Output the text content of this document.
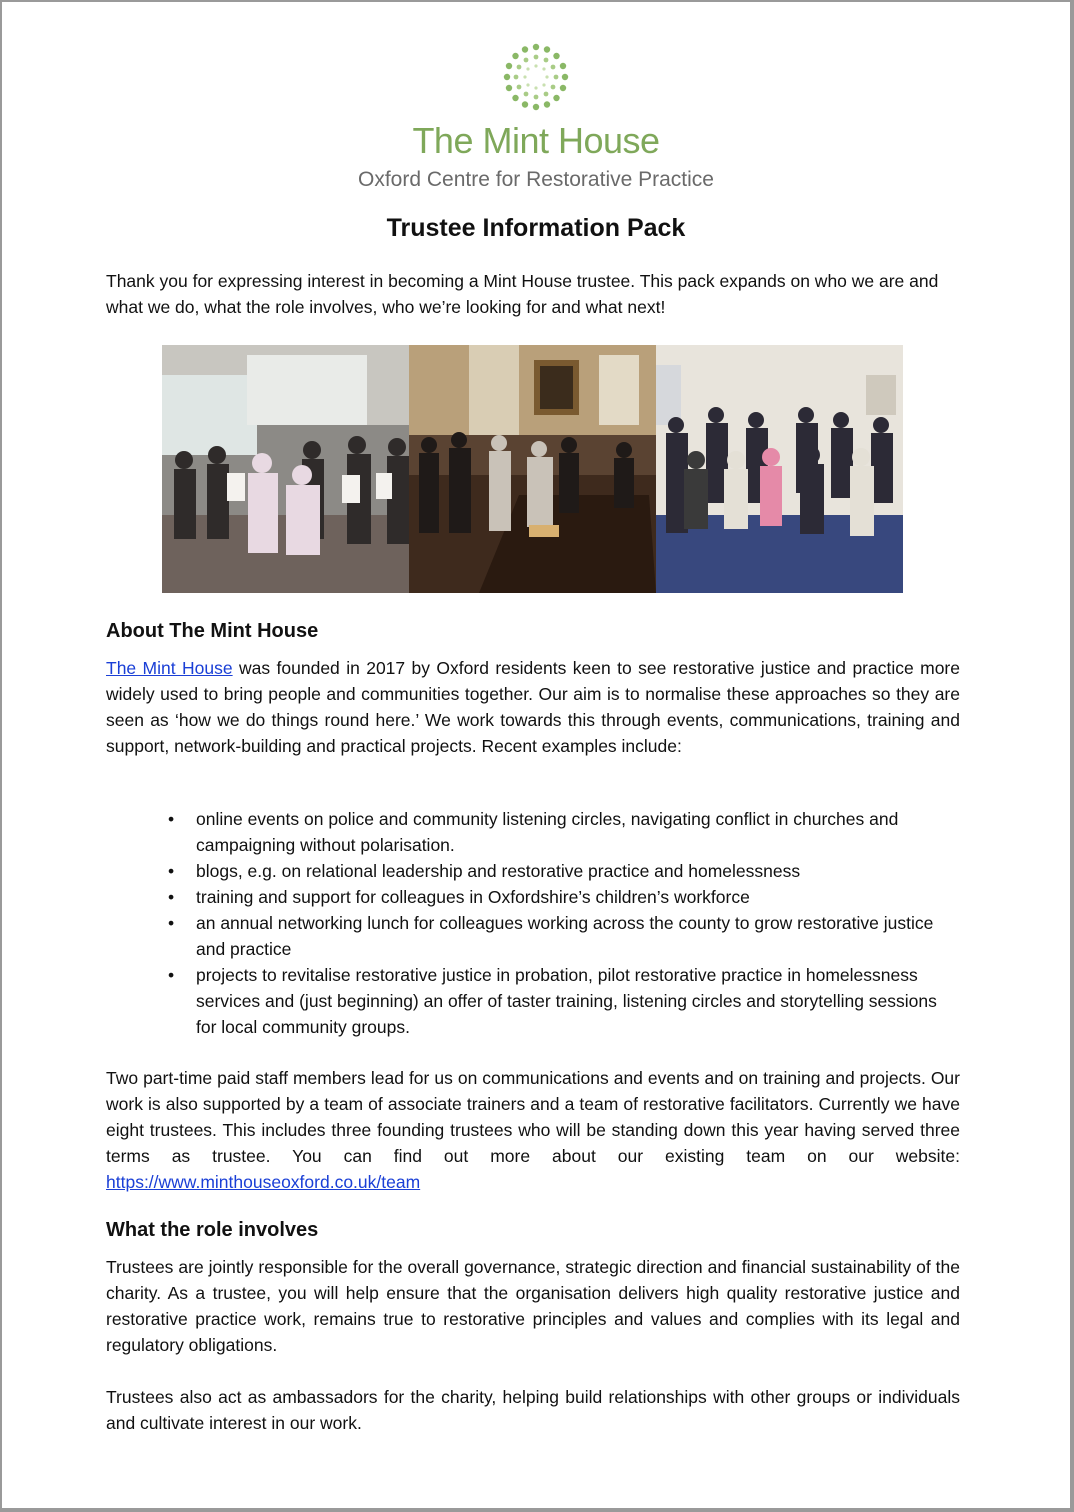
The Mint House
Oxford Centre for Restorative Practice
Trustee Information Pack
Thank you for expressing interest in becoming a Mint House trustee. This pack expands on who we are and what we do, what the role involves, who we’re looking for and what next!
About The Mint House
The Mint House was founded in 2017 by Oxford residents keen to see restorative justice and practice more widely used to bring people and communities together. Our aim is to normalise these approaches so they are seen as ‘how we do things round here.’ We work towards this through events, communications, training and support, network-building and practical projects. Recent examples include:
• online events on police and community listening circles, navigating conflict in churches and campaigning without polarisation.
• blogs, e.g. on relational leadership and restorative practice and homelessness
• training and support for colleagues in Oxfordshire’s children’s workforce
• an annual networking lunch for colleagues working across the county to grow restorative justice and practice
• projects to revitalise restorative justice in probation, pilot restorative practice in homelessness services and (just beginning) an offer of taster training, listening circles and storytelling sessions for local community groups.
Two part-time paid staff members lead for us on communications and events and on training and projects. Our work is also supported by a team of associate trainers and a team of restorative facilitators. Currently we have eight trustees. This includes three founding trustees who will be standing down this year having served three terms as trustee. You can find out more about our existing team on our website: https://www.minthouseoxford.co.uk/team
What the role involves
Trustees are jointly responsible for the overall governance, strategic direction and financial sustainability of the charity. As a trustee, you will help ensure that the organisation delivers high quality restorative justice and restorative practice work, remains true to restorative principles and values and complies with its legal and regulatory obligations.
Trustees also act as ambassadors for the charity, helping build relationships with other groups or individuals and cultivate interest in our work.
